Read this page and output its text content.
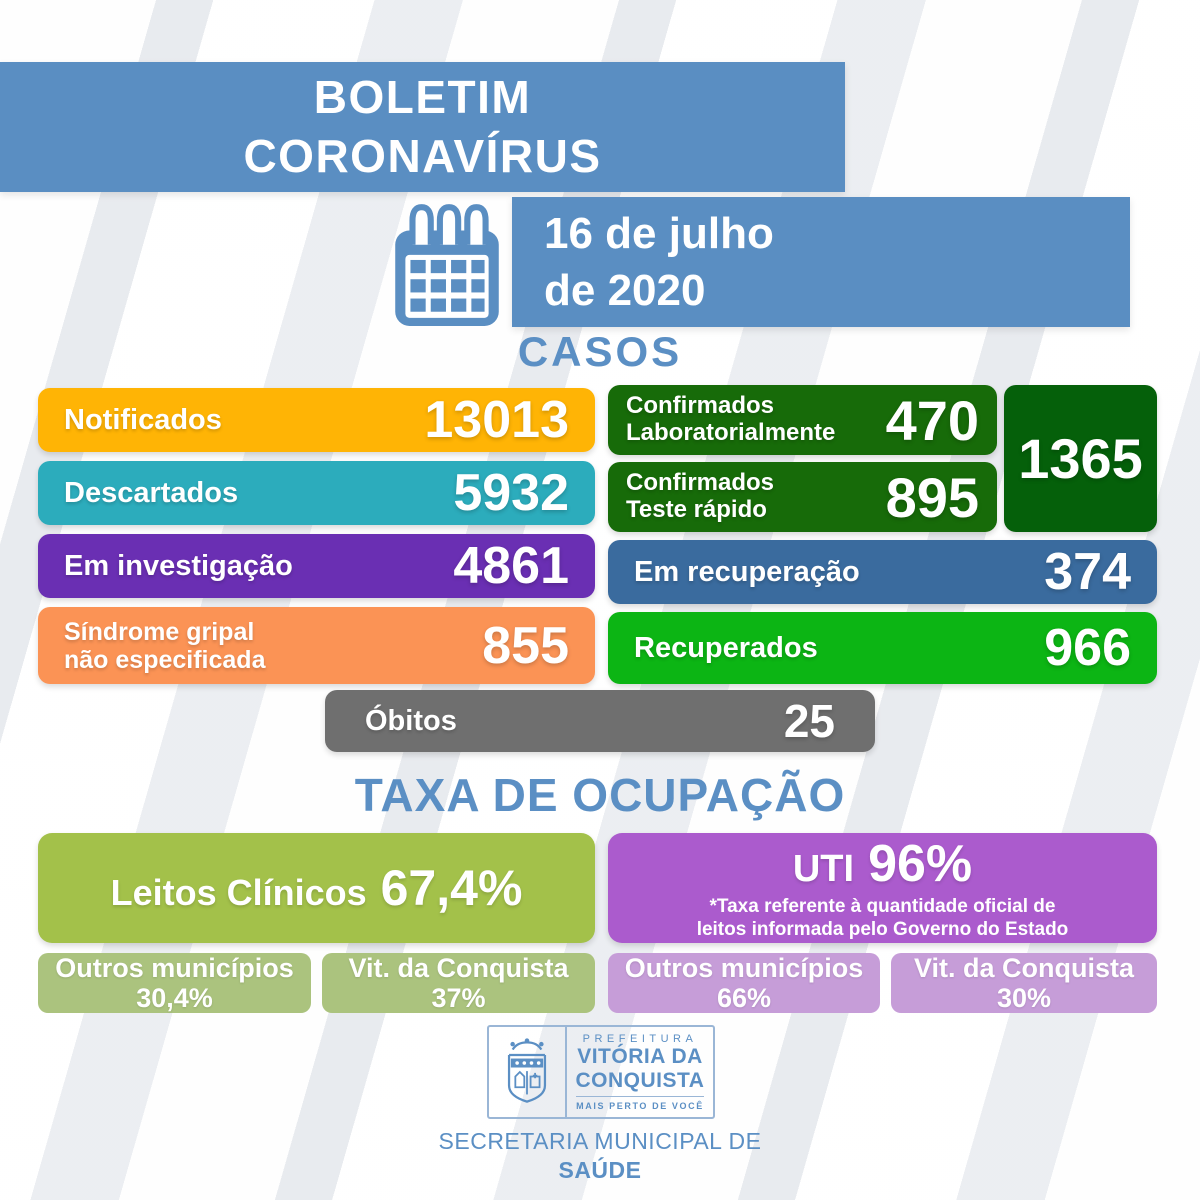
BOLETIM
CORONAVÍRUS
16 de julho
de 2020
CASOS
Notificados	13013
Descartados	5932
Em investigação	4861
Síndrome gripal
não especificada	855
Confirmados
Laboratorialmente 470
Confirmados
Teste rápido 895
1365
Em recuperação	374
Recuperados	966
Óbitos	25
TAXA DE OCUPAÇÃO
Leitos Clínicos 67,4%
Outros municípios
30,4%
Vit. da Conquista
37%
UTI 96%
*Taxa referente à quantidade oficial de
leitos informada pelo Governo do Estado
Outros municípios
66%
Vit. da Conquista
30%
PREFEITURA
VITÓRIA DA
CONQUISTA
MAIS PERTO DE VOCÊ
SECRETARIA MUNICIPAL DE
SAÚDE
